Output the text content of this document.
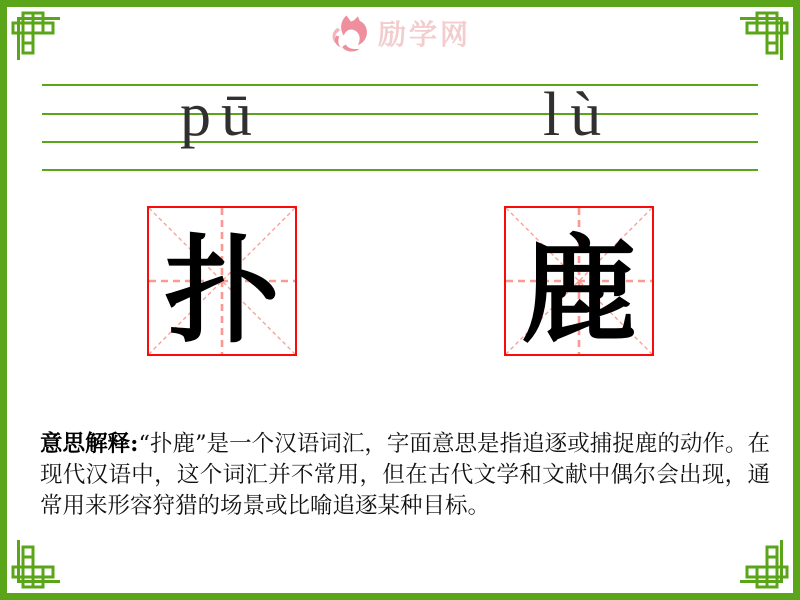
励学网
pū	lù
扑 鹿

意思解释:“扑鹿”是一个汉语词汇，字面意思是指追逐或捕捉鹿的动作。在现代汉语中，这个词汇并不常用，但在古代文学和文献中偶尔会出现，通常用来形容狩猎的场景或比喻追逐某种目标。
